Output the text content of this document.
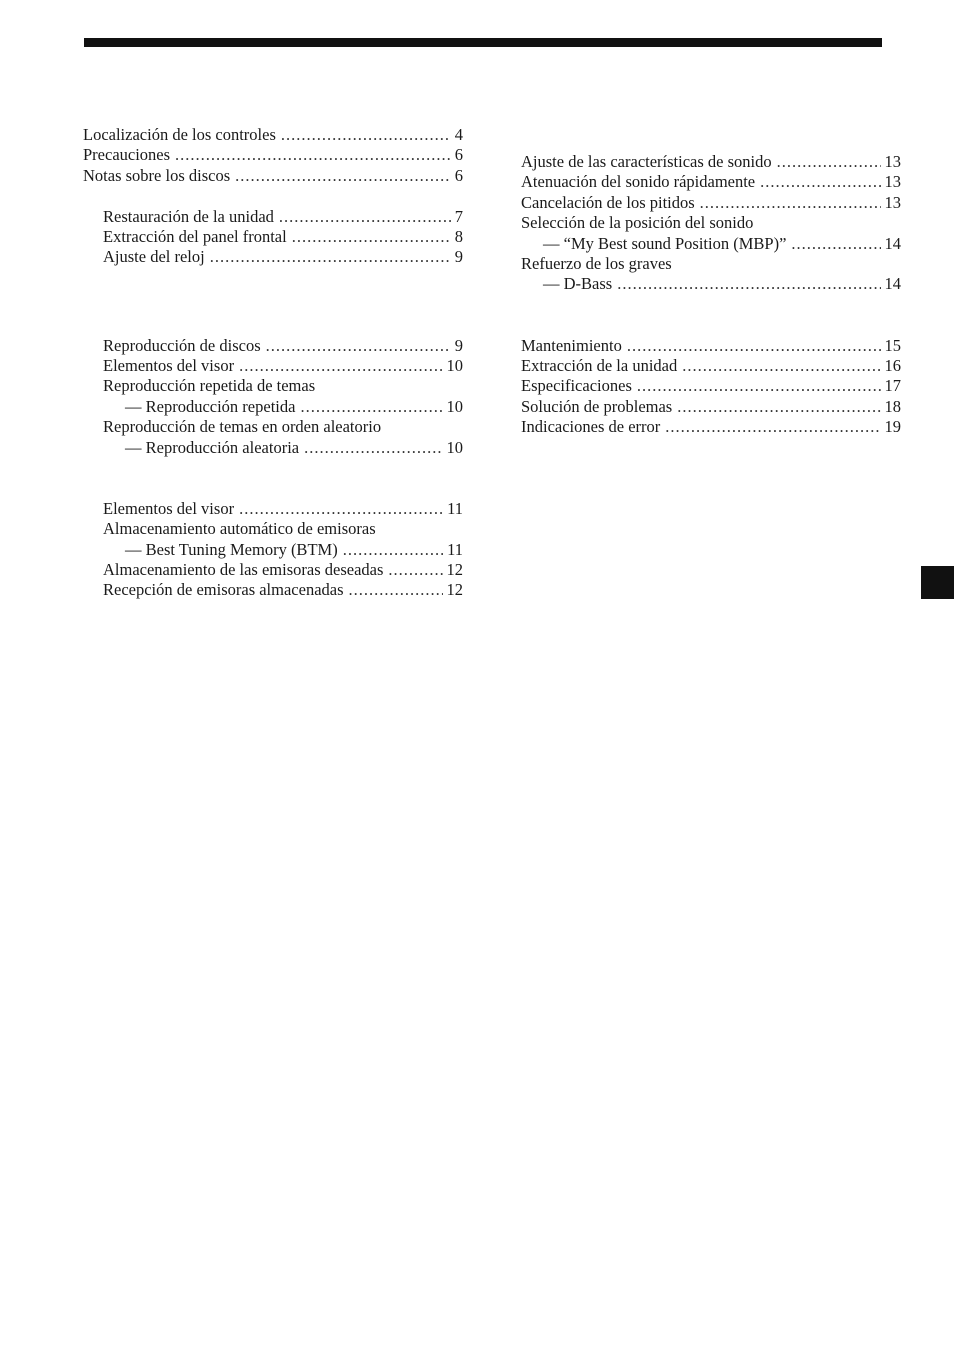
Localización de los controles .....	4
Precauciones .....	6
Notas sobre los discos .....	6
Restauración de la unidad .....	7
Extracción del panel frontal .....	8
Ajuste del reloj .....	9
Reproducción de discos .....	9
Elementos del visor .....	10
Reproducción repetida de temas
— Reproducción repetida .....	10
Reproducción de temas en orden aleatorio
— Reproducción aleatoria .....	10
Elementos del visor .....	11
Almacenamiento automático de emisoras
— Best Tuning Memory (BTM) .....	11
Almacenamiento de las emisoras deseadas .....	12
Recepción de emisoras almacenadas .....	12
Ajuste de las características de sonido .....	13
Atenuación del sonido rápidamente .....	13
Cancelación de los pitidos .....	13
Selección de la posición del sonido
— “My Best sound Position (MBP)” .....	14
Refuerzo de los graves
— D-Bass .....	14
Mantenimiento .....	15
Extracción de la unidad .....	16
Especificaciones .....	17
Solución de problemas .....	18
Indicaciones de error .....	19
